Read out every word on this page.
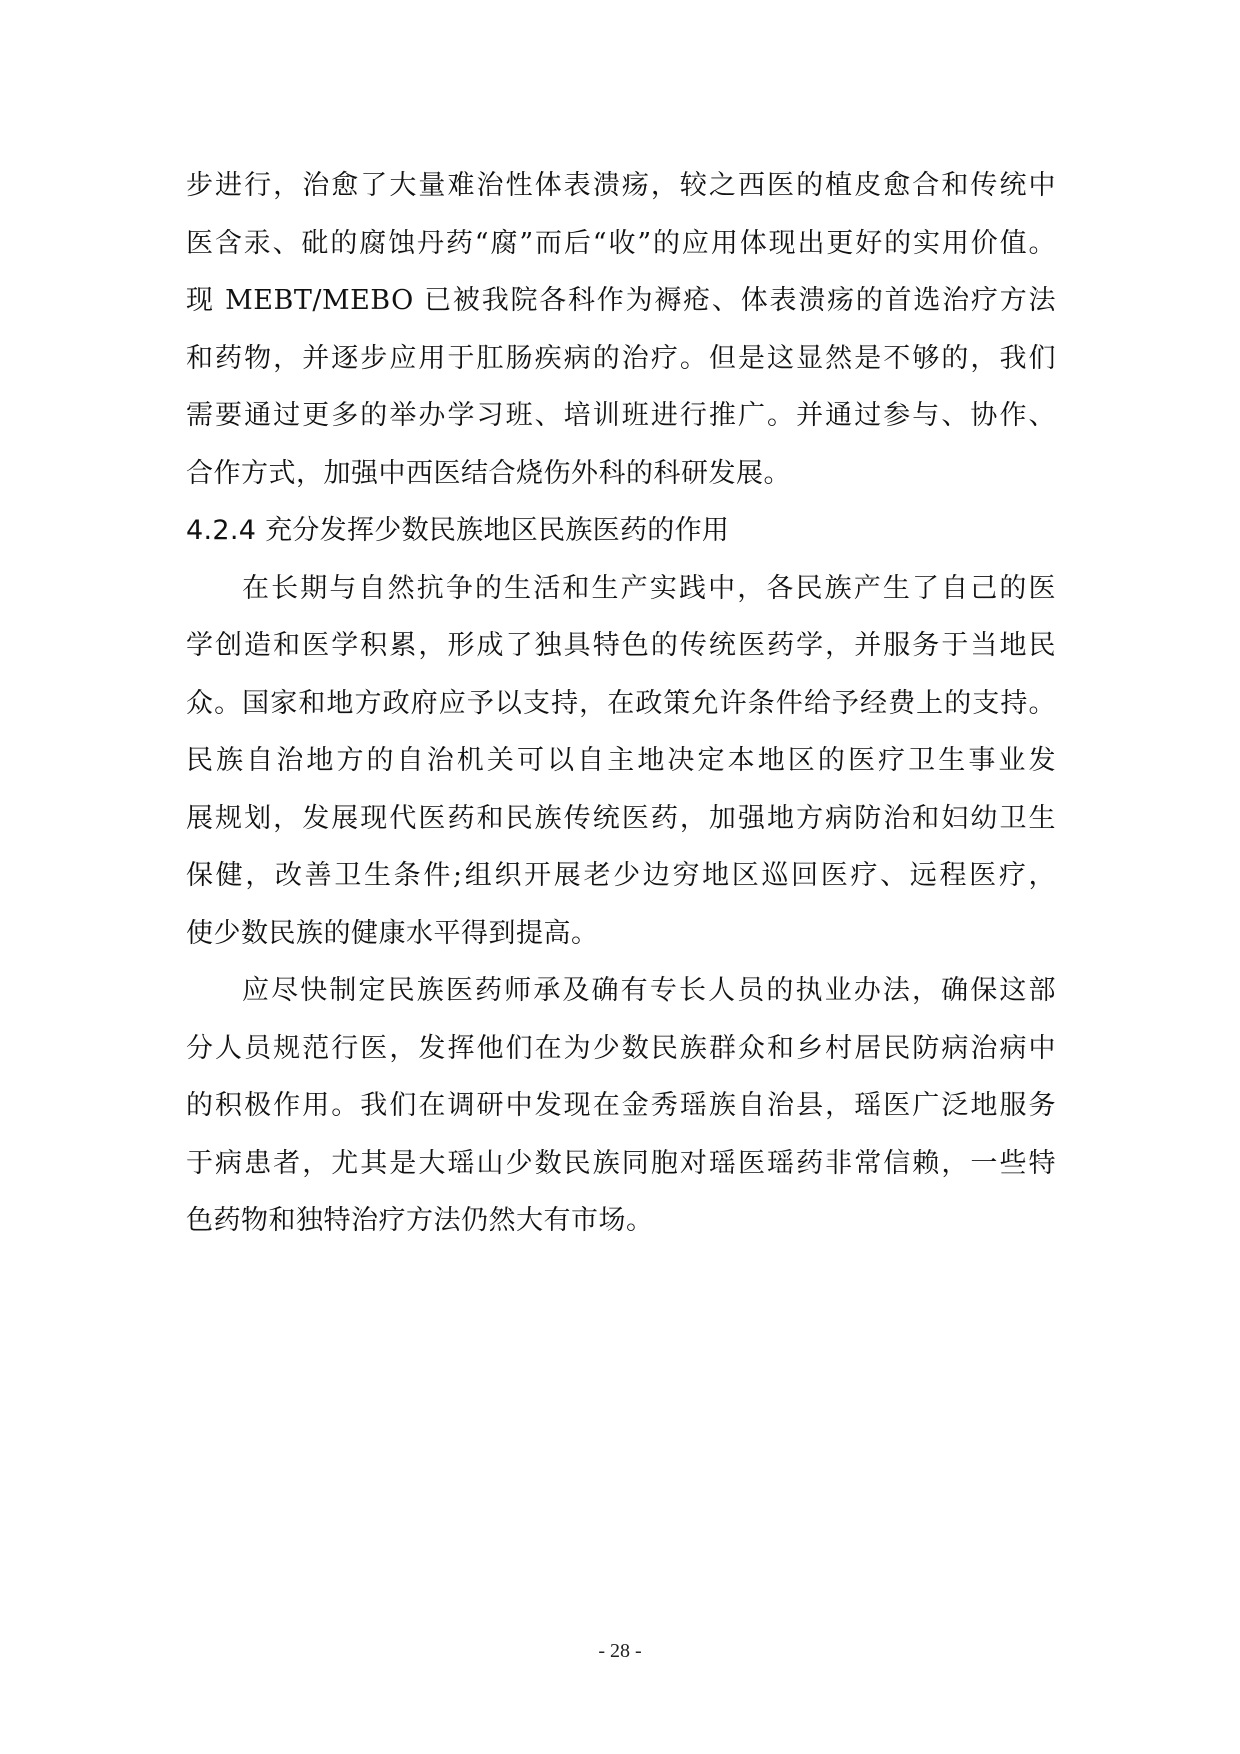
步进行，治愈了大量难治性体表溃疡，较之西医的植皮愈合和传统中
医含汞、砒的腐蚀丹药“腐”而后“收”的应用体现出更好的实用价值。
现 MEBT/MEBO 已被我院各科作为褥疮、体表溃疡的首选治疗方法
和药物，并逐步应用于肛肠疾病的治疗。但是这显然是不够的，我们
需要通过更多的举办学习班、培训班进行推广。并通过参与、协作、
合作方式，加强中西医结合烧伤外科的科研发展。
4.2.4 充分发挥少数民族地区民族医药的作用
在长期与自然抗争的生活和生产实践中，各民族产生了自己的医
学创造和医学积累，形成了独具特色的传统医药学，并服务于当地民
众。国家和地方政府应予以支持，在政策允许条件给予经费上的支持。
民族自治地方的自治机关可以自主地决定本地区的医疗卫生事业发
展规划，发展现代医药和民族传统医药，加强地方病防治和妇幼卫生
保健，改善卫生条件;组织开展老少边穷地区巡回医疗、远程医疗，
使少数民族的健康水平得到提高。
应尽快制定民族医药师承及确有专长人员的执业办法，确保这部
分人员规范行医，发挥他们在为少数民族群众和乡村居民防病治病中
的积极作用。我们在调研中发现在金秀瑶族自治县，瑶医广泛地服务
于病患者，尤其是大瑶山少数民族同胞对瑶医瑶药非常信赖，一些特
色药物和独特治疗方法仍然大有市场。
- 28 -
